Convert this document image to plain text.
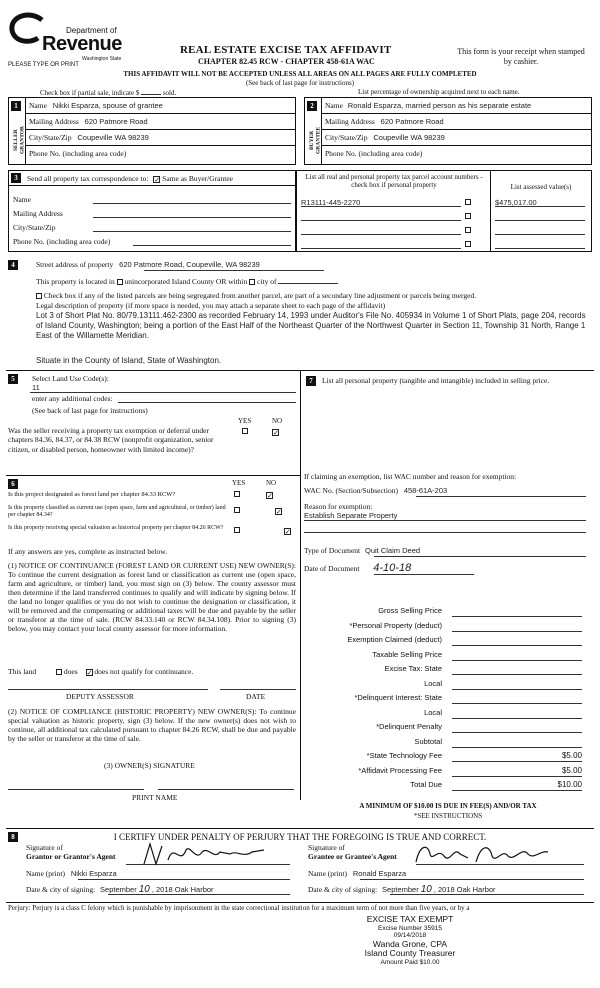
Department of
Revenue
Washington State
PLEASE TYPE OR PRINT
REAL ESTATE EXCISE TAX AFFIDAVIT
CHAPTER 82.45 RCW - CHAPTER 458-61A WAC
This form is your receipt when stamped by cashier.
THIS AFFIDAVIT WILL NOT BE ACCEPTED UNLESS ALL AREAS ON ALL PAGES ARE FULLY COMPLETED
(See back of last page for instructions)
Check box if partial sale, indicate $	sold.	List percentage of ownership acquired next to each name.
1
SELLER GRANTOR
Name Nikki Esparza, spouse of grantee
Mailing Address 620 Patmore Road
City/State/Zip Coupeville WA 98239
Phone No. (including area code)
2
BUYER GRANTEE
Name Ronald Esparza, married person as his separate estate
Mailing Address 620 Patmore Road
City/State/Zip Coupeville WA 98239
Phone No. (including area code)
3	Send all property tax correspondence to: ✓ Same as Buyer/Grantee
Name
Mailing Address
City/State/Zip
Phone No. (including area code)
List all real and personal property tax parcel account numbers - check box if personal property	List assessed value(s)
R13111-445-2270	$475,017.00
4	Street address of property 620 Patmore Road, Coupeville, WA 98239
This property is located in unincorporated Island County OR within city of
Check box if any of the listed parcels are being segregated from another parcel, are part of a secondary line adjustment or parcels being merged.
Legal description of property (if more space is needed, you may attach a separate sheet to each page of the affidavit)
Lot 3 of Short Plat No. 80/79.13111.462-2300 as recorded February 14, 1993 under Auditor's File No. 405934 in Volume 1 of Short Plats, page 204, records of Island County, Washington; being a portion of the East Half of the Northeast Quarter of the Northwest Quarter in Section 11, Township 31 North, Range 1 East of the Willamette Meridian.
Situate in the County of Island, State of Washington.
5	Select Land Use Code(s):
11
enter any additional codes:
(See back of last page for instructions)
YES	NO
Was the seller receiving a property tax exemption or deferral under chapters 84.36, 84.37, or 84.38 RCW (nonprofit organization, senior citizen, or disabled person, homeowner with limited income)?
✓
6	YES	NO
Is this project designated as forest land per chapter 84.33 RCW?	✓
Is this property classified as current use (open space, farm and agricultural, or timber) land per chapter 84.34?	✓
Is this property receiving special valuation as historical property per chapter 84.26 RCW?	✓
If any answers are yes, complete as instructed below.
(1) NOTICE OF CONTINUANCE (FOREST LAND OR CURRENT USE) NEW OWNER(S): To continue the current designation as forest land or classification as current use (open space, farm and agriculture, or timber) land, you must sign on (3) below. The county assessor must then determine if the land transferred continues to qualify and will indicate by signing below. If the land no longer qualifies or you do not wish to continue the designation or classification, it will be removed and the compensating or additional taxes will be due and payable by the seller or transferor at the time of sale. (RCW 84.33.140 or RCW 84.34.108). Prior to signing (3) below, you may contact your local county assessor for more information.
This land	does ✓ does not qualify for continuance.
DEPUTY ASSESSOR	DATE
(2) NOTICE OF COMPLIANCE (HISTORIC PROPERTY) NEW OWNER(S): To continue special valuation as historic property, sign (3) below. If the new owner(s) does not wish to continue, all additional tax calculated pursuant to chapter 84.26 RCW, shall be due and payable by the seller or transferor at the time of sale.
(3) OWNER(S) SIGNATURE
PRINT NAME
7	List all personal property (tangible and intangible) included in selling price.
If claiming an exemption, list WAC number and reason for exemption:
WAC No. (Section/Subsection) 458-61A-203
Reason for exemption:
Establish Separate Property
Type of Document Quit Claim Deed
Date of Document 4-10-18
Gross Selling Price
*Personal Property (deduct)
Exemption Claimed (deduct)
Taxable Selling Price
Excise Tax: State
Local
*Delinquent Interest: State
Local
*Delinquent Penalty
Subtotal
*State Technology Fee	$5.00
*Affidavit Processing Fee	$5.00
Total Due	$10.00
A MINIMUM OF $10.00 IS DUE IN FEE(S) AND/OR TAX
*SEE INSTRUCTIONS
8	I CERTIFY UNDER PENALTY OF PERJURY THAT THE FOREGOING IS TRUE AND CORRECT.
Signature of
Grantor or Grantor's Agent
Signature of
Grantee or Grantee's Agent
Name (print) Nikki Esparza	Name (print) Ronald Esparza
Date & city of signing: September 10 , 2018 Oak Harbor	Date & city of signing: September 10 , 2018 Oak Harbor
Perjury: Perjury is a class C felony which is punishable by imprisonment in the state correctional institution for a maximum term of not more than five years, or by a
EXCISE TAX EXEMPT
Excise Number 35915
09/14/2018
Wanda Grone, CPA
Island County Treasurer
Amount Paid $10.00
